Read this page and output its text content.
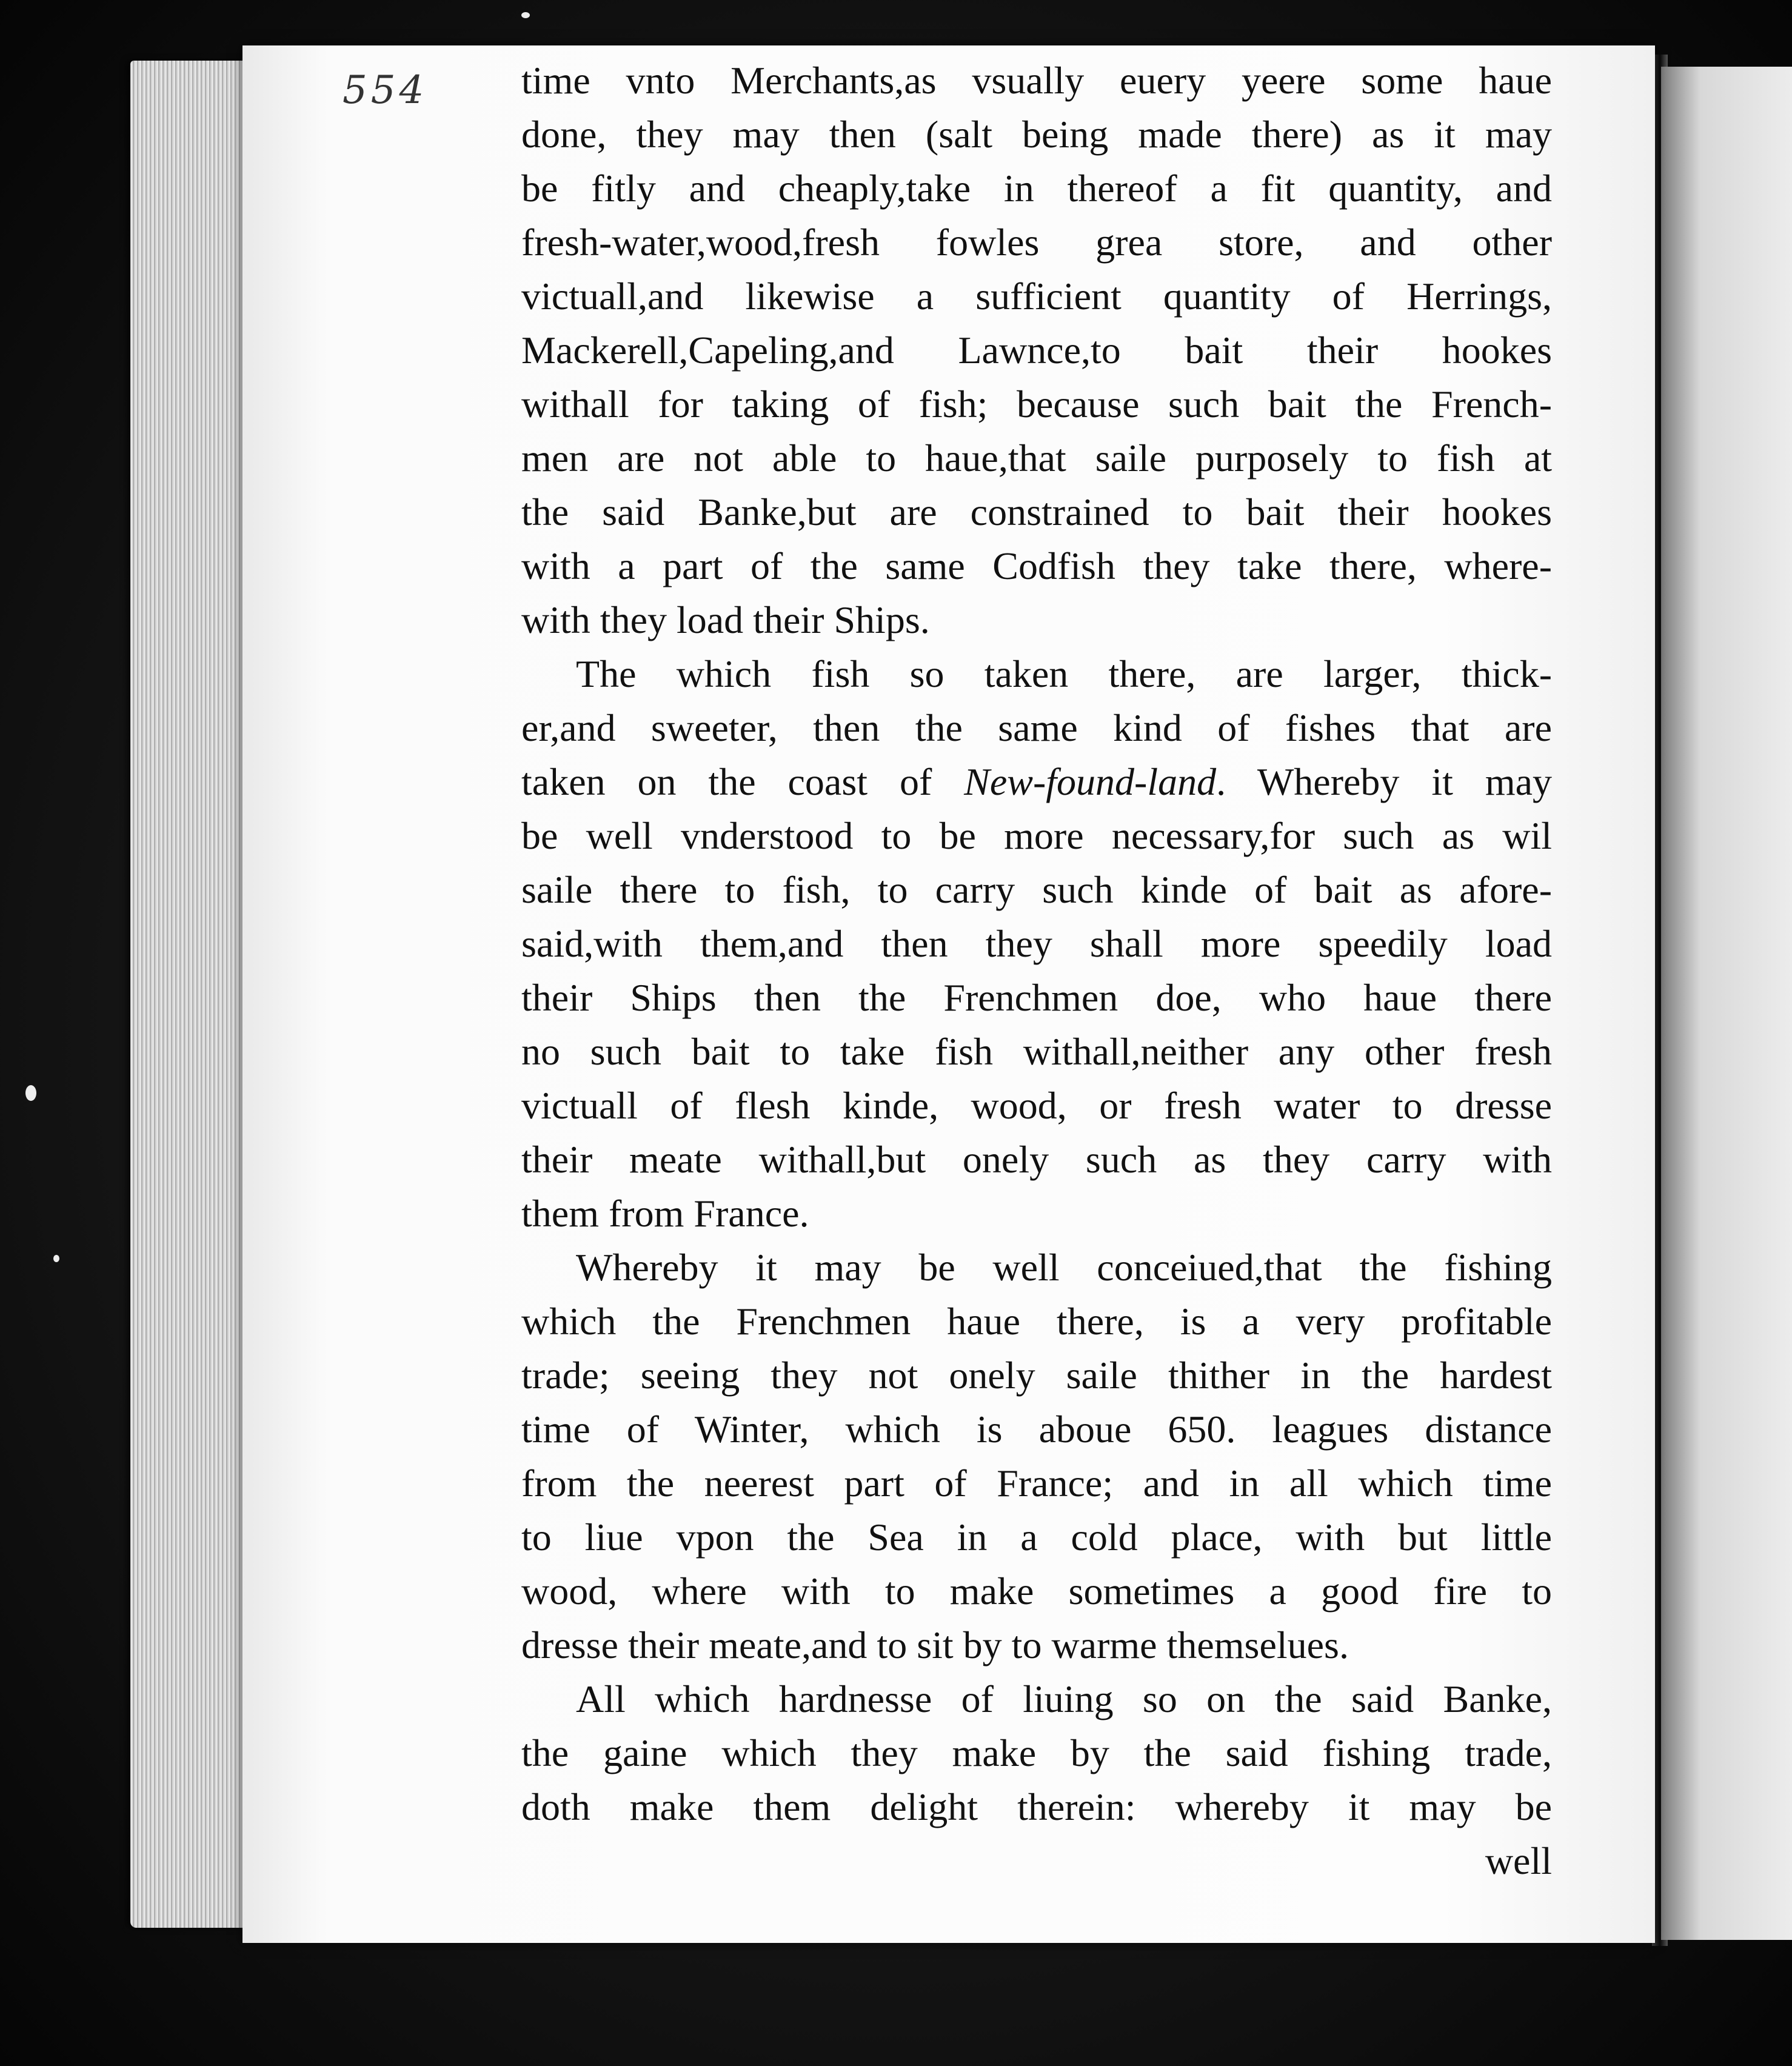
554 time vnto Merchants,as vsually euery yeere some haue
done, they may then (salt being made there) as it may
be fitly and cheaply,take in thereof a fit quantity, and
fresh-water,wood,fresh fowles grea store, and other
victuall,and likewise a sufficient quantity of Herrings,
Mackerell,Capeling,and Lawnce,to bait their hookes
withall for taking of fish; because such bait the French-
men are not able to haue,that saile purposely to fish at
the said Banke,but are constrained to bait their hookes
with a part of the same Codfish they take there, where-
with they load their Ships.
The which fish so taken there, are larger, thick-
er,and sweeter, then the same kind of fishes that are
taken on the coast of New-found-land. Whereby it may
be well vnderstood to be more necessary,for such as wil
saile there to fish, to carry such kinde of bait as afore-
said,with them,and then they shall more speedily load
their Ships then the Frenchmen doe, who haue there
no such bait to take fish withall,neither any other fresh
victuall of flesh kinde, wood, or fresh water to dresse
their meate withall,but onely such as they carry with
them from France.
Whereby it may be well conceiued,that the fishing
which the Frenchmen haue there, is a very profitable
trade; seeing they not onely saile thither in the hardest
time of Winter, which is aboue 650. leagues distance
from the neerest part of France; and in all which time
to liue vpon the Sea in a cold place, with but little
wood, where with to make sometimes a good fire to
dresse their meate,and to sit by to warme themselues.
All which hardnesse of liuing so on the said Banke,
the gaine which they make by the said fishing trade,
doth make them delight therein: whereby it may be
well
